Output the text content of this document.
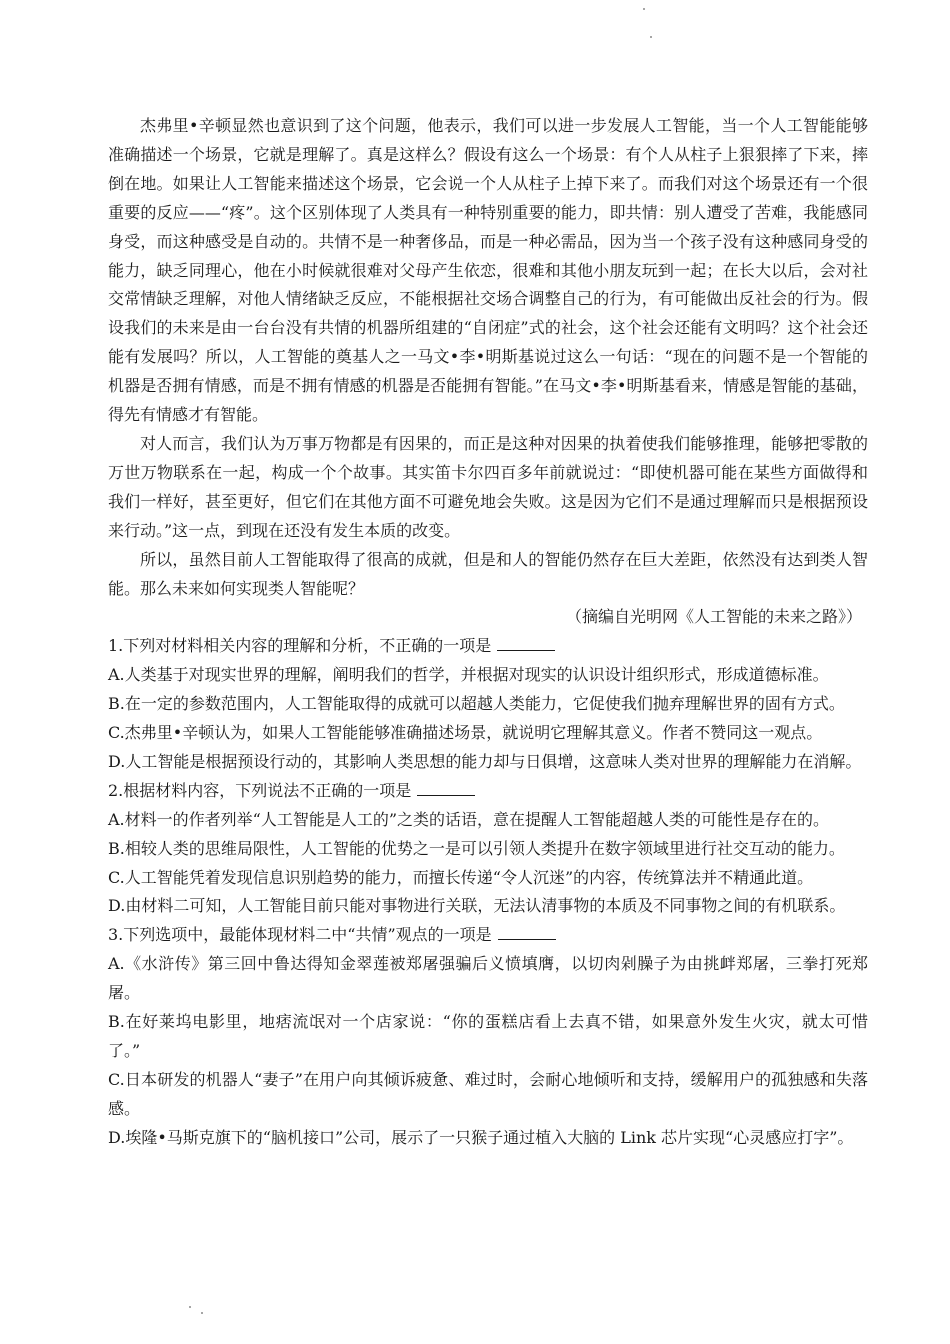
杰弗里•辛顿显然也意识到了这个问题，他表示，我们可以进一步发展人工智能，当一个人工智能能够准确描述一个场景，它就是理解了。真是这样么？假设有这么一个场景：有个人从柱子上狠狠摔了下来，摔倒在地。如果让人工智能来描述这个场景，它会说一个人从柱子上掉下来了。而我们对这个场景还有一个很重要的反应——“疼”。这个区别体现了人类具有一种特别重要的能力，即共情：别人遭受了苦难，我能感同身受，而这种感受是自动的。共情不是一种奢侈品，而是一种必需品，因为当一个孩子没有这种感同身受的能力，缺乏同理心，他在小时候就很难对父母产生依恋，很难和其他小朋友玩到一起；在长大以后，会对社交常情缺乏理解，对他人情绪缺乏反应，不能根据社交场合调整自己的行为，有可能做出反社会的行为。假设我们的未来是由一台台没有共情的机器所组建的“自闭症”式的社会，这个社会还能有文明吗？这个社会还能有发展吗？所以，人工智能的奠基人之一马文•李•明斯基说过这么一句话：“现在的问题不是一个智能的机器是否拥有情感，而是不拥有情感的机器是否能拥有智能。”在马文•李•明斯基看来，情感是智能的基础，得先有情感才有智能。

对人而言，我们认为万事万物都是有因果的，而正是这种对因果的执着使我们能够推理，能够把零散的万世万物联系在一起，构成一个个故事。其实笛卡尔四百多年前就说过：“即使机器可能在某些方面做得和我们一样好，甚至更好，但它们在其他方面不可避免地会失败。这是因为它们不是通过理解而只是根据预设来行动。”这一点，到现在还没有发生本质的改变。

所以，虽然目前人工智能取得了很高的成就，但是和人的智能仍然存在巨大差距，依然没有达到类人智能。那么未来如何实现类人智能呢？

（摘编自光明网《人工智能的未来之路》）

1.下列对材料相关内容的理解和分析，不正确的一项是

A.人类基于对现实世界的理解，阐明我们的哲学，并根据对现实的认识设计组织形式，形成道德标准。

B.在一定的参数范围内，人工智能取得的成就可以超越人类能力，它促使我们抛弃理解世界的固有方式。

C.杰弗里•辛顿认为，如果人工智能能够准确描述场景，就说明它理解其意义。作者不赞同这一观点。

D.人工智能是根据预设行动的，其影响人类思想的能力却与日俱增，这意味人类对世界的理解能力在消解。

2.根据材料内容，下列说法不正确的一项是

A.材料一的作者列举“人工智能是人工的”之类的话语，意在提醒人工智能超越人类的可能性是存在的。

B.相较人类的思维局限性，人工智能的优势之一是可以引领人类提升在数字领域里进行社交互动的能力。

C.人工智能凭着发现信息识别趋势的能力，而擅长传递“令人沉迷”的内容，传统算法并不精通此道。

D.由材料二可知，人工智能目前只能对事物进行关联，无法认清事物的本质及不同事物之间的有机联系。

3.下列选项中，最能体现材料二中“共情”观点的一项是

A.《水浒传》第三回中鲁达得知金翠莲被郑屠强骗后义愤填膺，以切肉剁臊子为由挑衅郑屠，三拳打死郑屠。

B.在好莱坞电影里，地痞流氓对一个店家说：“你的蛋糕店看上去真不错，如果意外发生火灾，就太可惜了。”

C.日本研发的机器人“妻子”在用户向其倾诉疲惫、难过时，会耐心地倾听和支持，缓解用户的孤独感和失落感。

D.埃隆•马斯克旗下的“脑机接口”公司，展示了一只猴子通过植入大脑的 Link 芯片实现“心灵感应打字”。
